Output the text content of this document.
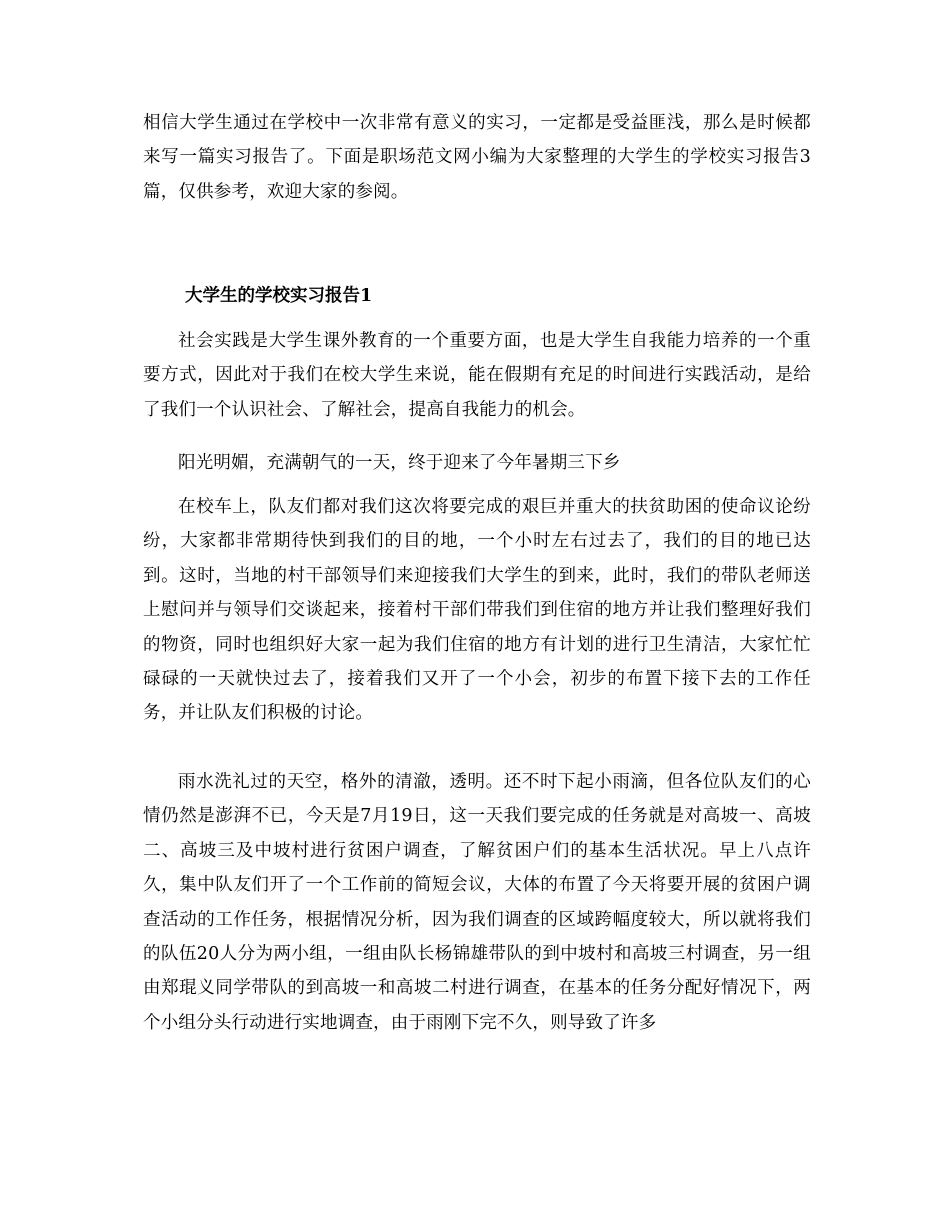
相信大学生通过在学校中一次非常有意义的实习，一定都是受益匪浅，那么是时候都来写一篇实习报告了。下面是职场范文网小编为大家整理的大学生的学校实习报告3篇，仅供参考，欢迎大家的参阅。

大学生的学校实习报告1

社会实践是大学生课外教育的一个重要方面，也是大学生自我能力培养的一个重要方式，因此对于我们在校大学生来说，能在假期有充足的时间进行实践活动，是给了我们一个认识社会、了解社会，提高自我能力的机会。

阳光明媚，充满朝气的一天，终于迎来了今年暑期三下乡

在校车上，队友们都对我们这次将要完成的艰巨并重大的扶贫助困的使命议论纷纷，大家都非常期待快到我们的目的地，一个小时左右过去了，我们的目的地已达到。这时，当地的村干部领导们来迎接我们大学生的到来，此时，我们的带队老师送上慰问并与领导们交谈起来，接着村干部们带我们到住宿的地方并让我们整理好我们的物资，同时也组织好大家一起为我们住宿的地方有计划的进行卫生清洁，大家忙忙碌碌的一天就快过去了，接着我们又开了一个小会，初步的布置下接下去的工作任务，并让队友们积极的讨论。

雨水洗礼过的天空，格外的清澈，透明。还不时下起小雨滴，但各位队友们的心情仍然是澎湃不已，今天是7月19日，这一天我们要完成的任务就是对高坡一、高坡二、高坡三及中坡村进行贫困户调查，了解贫困户们的基本生活状况。早上八点许久，集中队友们开了一个工作前的简短会议，大体的布置了今天将要开展的贫困户调查活动的工作任务，根据情况分析，因为我们调查的区域跨幅度较大，所以就将我们的队伍20人分为两小组，一组由队长杨锦雄带队的到中坡村和高坡三村调查，另一组由郑琨义同学带队的到高坡一和高坡二村进行调查，在基本的任务分配好情况下，两个小组分头行动进行实地调查，由于雨刚下完不久，则导致了许多
